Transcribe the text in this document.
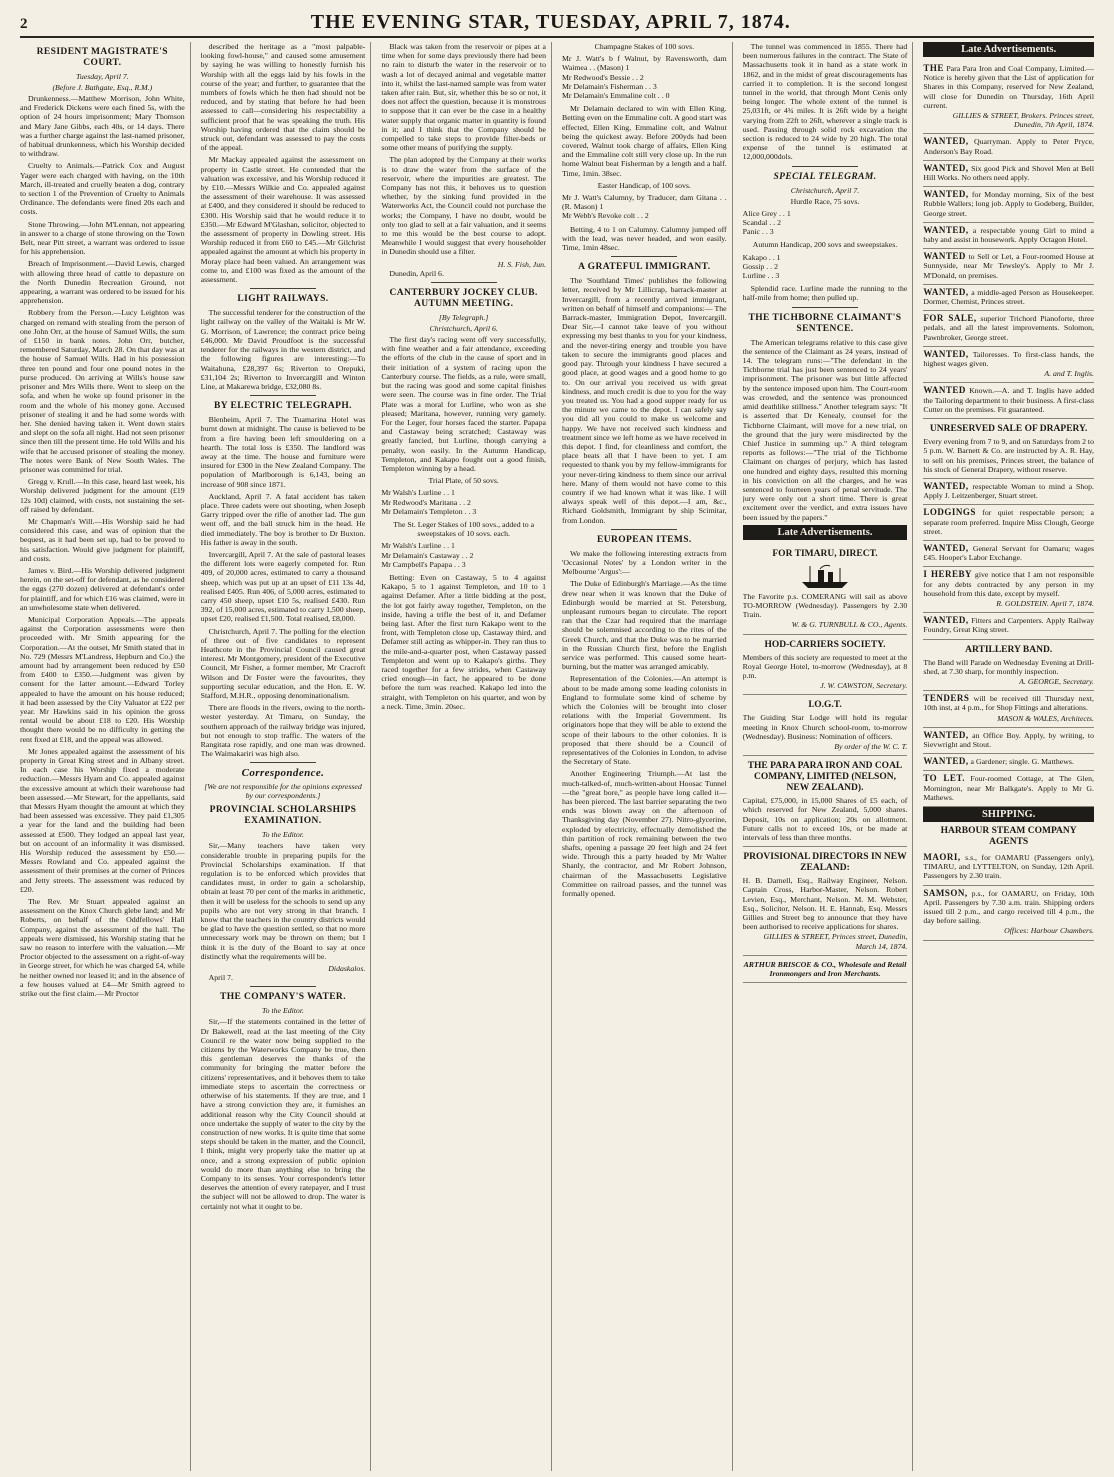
2	THE EVENING STAR, TUESDAY, APRIL 7, 1874.
RESIDENT MAGISTRATE'S COURT.
Tuesday, April 7.
(Before J. Bathgate, Esq., R.M.)
Drunkenness.—Matthew Morrison, John White, and Frederick Dickens were each fined 5s, with the option of 24 hours imprisonment; Mary Thomson and Mary Jane Gibbs, each 40s, or 14 days. There was a further charge against the last-named prisoner, of habitual drunkenness, which his Worship decided to withdraw.
Cruelty to Animals.—Patrick Cox and August Yager were each charged with having, on the 10th March, ill-treated and cruelly beaten a dog, contrary to section 1 of the Prevention of Cruelty to Animals Ordinance. The defendants were fined 20s each and costs.
Stone Throwing.—John M'Lennan, not appearing in answer to a charge of stone throwing on the Town Belt, near Pitt street, a warrant was ordered to issue for his apprehension.
Breach of Imprisonment.—David Lewis, charged with allowing three head of cattle to depasture on the North Dunedin Recreation Ground, not appearing, a warrant was ordered to be issued for his apprehension.
Robbery from the Person.—Lucy Leighton was charged on remand with stealing from the person of one John Orr, at the house of Samuel Wills, the sum of £150 in bank notes. John Orr, butcher, remembered Saturday, March 28. On that day was at the house of Samuel Wills. Had in his possession three ten pound and four one pound notes in the purse produced. On arriving at Wills's house saw prisoner and Mrs Wills there. Went to sleep on the sofa, and when he woke up found prisoner in the room and the whole of his money gone. Accused prisoner of stealing it and he had some words with her. She denied having taken it. Went down stairs and slept on the sofa all night. Had not seen prisoner since then till the present time. He told Wills and his wife that he accused prisoner of stealing the money. The notes were Bank of New South Wales. The prisoner was committed for trial.
Gregg v. Krull.—In this case, heard last week, his Worship delivered judgment for the amount (£19 12s 10d) claimed, with costs, not sustaining the set-off raised by defendant.
Mr Chapman's Will.—His Worship said he had considered this case, and was of opinion that the bequest, as it had been set up, had to be proved to his satisfaction. Would give judgment for plaintiff, and costs.
James v. Bird.—His Worship delivered judgment herein, on the set-off for defendant, as he considered the eggs (270 dozen) delivered at defendant's order for plaintiff, and for which £16 was claimed, were in an unwholesome state when delivered.
Municipal Corporation Appeals.—The appeals against the Corporation assessments were then proceeded with. Mr Smith appearing for the Corporation.—At the outset, Mr Smith stated that in No. 729 (Messrs M'Landress, Hepburn and Co.) the amount had by arrangement been reduced by £50 from £400 to £350.—Judgment was given by consent for the latter amount.—Edward Torley appealed to have the amount on his house reduced; it had been assessed by the City Valuator at £22 per year. Mr Hawkins said in his opinion the gross rental would be about £18 to £20. His Worship thought there would be no difficulty in getting the rent fixed at £18, and the appeal was allowed.
Mr Jones appealed against the assessment of his property in Great King street and in Albany street. In each case his Worship fixed a moderate reduction.—Messrs Hyam and Co. appealed against the excessive amount at which their warehouse had been assessed.—Mr Stewart, for the appellants, said that Messrs Hyam thought the amount at which they had been assessed was excessive. They paid £1,305 a year for the land and the building had been assessed at £500. They lodged an appeal last year, but on account of an informality it was dismissed. His Worship reduced the assessment by £50.—Messrs Rowland and Co. appealed against the assessment of their premises at the corner of Princes and Jetty streets. The assessment was reduced by £20.
The Rev. Mr Stuart appealed against an assessment on the Knox Church glebe land; and Mr Roberts, on behalf of the Oddfellows' Hall Company, against the assessment of the hall. The appeals were dismissed, his Worship stating that he saw no reason to interfere with the valuation.—Mr Proctor objected to the assessment on a right-of-way in George street, for which he was charged £4, while he neither owned nor leased it; and in the absence of a few houses valued at £4—Mr Smith agreed to strike out the first claim.—Mr Proctor
described the heritage as a "most palpable-looking fowl-house," and caused some amusement by saying he was willing to honestly furnish his Worship with all the eggs laid by his fowls in the course of the year; and further, to guarantee that the numbers of fowls which he then had should not be reduced, and by stating that before he had been assessed to call—considering his respectability a sufficient proof that he was speaking the truth. His Worship having ordered that the claim should be struck out, defendant was assessed to pay the costs of the appeal.
Mr Mackay appealed against the assessment on property in Castle street. He contended that the valuation was excessive, and his Worship reduced it by £10.—Messrs Wilkie and Co. appealed against the assessment of their warehouse. It was assessed at £400, and they considered it should be reduced to £300. His Worship said that he would reduce it to £350.—Mr Edward M'Glashan, solicitor, objected to the assessment of property in Dowling street. His Worship reduced it from £60 to £45.—Mr Gilchrist appealed against the amount at which his property in Moray place had been valued. An arrangement was come to, and £100 was fixed as the amount of the assessment.
LIGHT RAILWAYS.
The successful tenderer for the construction of the light railway on the valley of the Waitaki is Mr W. G. Morrison, of Lawrence; the contract price being £46,000. Mr David Proudfoot is the successful tenderer for the railways in the western district, and the following figures are interesting:—To Waitahuna, £28,397 6s; Riverton to Orepuki, £31,104 2s; Riverton to Invercargill and Winton Line, at Makarewa bridge, £32,080 8s.
BY ELECTRIC TELEGRAPH.
Blenheim, April 7. The Tuamarina Hotel was burnt down at midnight. The cause is believed to be from a fire having been left smouldering on a hearth. The total loss is £350. The landlord was away at the time. The house and furniture were insured for £300 in the New Zealand Company. The population of Marlborough is 6,143, being an increase of 908 since 1871.
Auckland, April 7. A fatal accident has taken place. Three cadets were out shooting, when Joseph Garry tripped over the rifle of another lad. The gun went off, and the ball struck him in the head. He died immediately. The boy is brother to Dr Buxton. His father is away in the south.
Invercargill, April 7. At the sale of pastoral leases the different lots were eagerly competed for. Run 409, of 20,000 acres, estimated to carry a thousand sheep, which was put up at an upset of £11 13s 4d, realised £405. Run 406, of 5,000 acres, estimated to carry 450 sheep, upset £10 5s, realised £430. Run 392, of 15,000 acres, estimated to carry 1,500 sheep, upset £20, realised £1,500. Total realised, £8,000.
Christchurch, April 7. The polling for the election of three out of five candidates to represent Heathcote in the Provincial Council caused great interest. Mr Montgomery, president of the Executive Council, Mr Fisher, a former member, Mr Cracroft Wilson and Dr Foster were the favourites, they supporting secular education, and the Hon. E. W. Stafford, M.H.R., opposing denominationalism.
There are floods in the rivers, owing to the north-wester yesterday. At Timaru, on Sunday, the southern approach of the railway bridge was injured, but not enough to stop traffic. The waters of the Rangitata rose rapidly, and one man was drowned. The Waimakariri was high also.
Correspondence.
[We are not responsible for the opinions expressed by our correspondents.]
PROVINCIAL SCHOLARSHIPS EXAMINATION.
To the Editor.
Sir,—Many teachers have taken very considerable trouble in preparing pupils for the Provincial Scholarships examination. If that regulation is to be enforced which provides that candidates must, in order to gain a scholarship, obtain at least 70 per cent of the marks in arithmetic, then it will be useless for the schools to send up any pupils who are not very strong in that branch. I know that the teachers in the country districts would be glad to have the question settled, so that no more unnecessary work may be thrown on them; but I think it is the duty of the Board to say at once distinctly what the requirements will be.
Didaskalos.
April 7.
THE COMPANY'S WATER.
To the Editor.
Sir,—If the statements contained in the letter of Dr Bakewell, read at the last meeting of the City Council re the water now being supplied to the citizens by the Waterworks Company be true, then this gentleman deserves the thanks of the community for bringing the matter before the citizens' representatives, and it behoves them to take immediate steps to ascertain the correctness or otherwise of his statements. If they are true, and I have a strong conviction they are, it furnishes an additional reason why the City Council should at once undertake the supply of water to the city by the construction of new works. It is quite time that some steps should be taken in the matter, and the Council, I think, might very properly take the matter up at once, and a strong expression of public opinion would do more than anything else to bring the Company to its senses. Your correspondent's letter deserves the attention of every ratepayer, and I trust the subject will not be allowed to drop. The water is certainly not what it ought to be.
Black was taken from the reservoir or pipes at a time when for some days previously there had been no rain to disturb the water in the reservoir or to wash a lot of decayed animal and vegetable matter into it, whilst the last-named sample was from water taken after rain. But, sir, whether this be so or not, it does not affect the question, because it is monstrous to suppose that it can ever be the case in a healthy water supply that organic matter in quantity is found in it; and I think that the Company should be compelled to take steps to provide filter-beds or some other means of purifying the supply.
The plan adopted by the Company at their works is to draw the water from the surface of the reservoir, where the impurities are greatest. The Company has not this, it behoves us to question whether, by the sinking fund provided in the Waterworks Act, the Council could not purchase the works; the Company, I have no doubt, would be only too glad to sell at a fair valuation, and it seems to me this would be the best course to adopt. Meanwhile I would suggest that every householder in Dunedin should use a filter.
H. S. Fish, Jun.
Dunedin, April 6.
CANTERBURY JOCKEY CLUB. AUTUMN MEETING.
[By Telegraph.]
Christchurch, April 6.
The first day's racing went off very successfully, with fine weather and a fair attendance, exceeding the efforts of the club in the cause of sport and in their initiation of a system of racing upon the Canterbury course. The fields, as a rule, were small, but the racing was good and some capital finishes were seen. The course was in fine order. The Trial Plate was a moral for Lurline, who won as she pleased; Maritana, however, running very gamely. For the Leger, four horses faced the starter. Papapa and Castaway being scratched; Castaway was greatly fancied, but Lurline, though carrying a penalty, won easily. In the Autumn Handicap, Templeton, and Kakapo fought out a good finish, Templeton winning by a head.
Trial Plate, of 50 sovs.
Mr Walsh's Lurline . . 1
Mr Redwood's Maritana . . 2
Mr Delamain's Templeton . . 3
The St. Leger Stakes of 100 sovs., added to a sweepstakes of 10 sovs. each.
Mr Walsh's Lurline . . 1
Mr Delamain's Castaway . . 2
Mr Campbell's Papapa . . 3
Betting: Even on Castaway, 5 to 4 against Kakapo, 5 to 1 against Templeton, and 10 to 1 against Defamer. After a little bidding at the post, the lot got fairly away together, Templeton, on the inside, having a trifle the best of it, and Defamer being last. After the first turn Kakapo went to the front, with Templeton close up, Castaway third, and Defamer still acting as whipper-in. They ran thus to the mile-and-a-quarter post, when Castaway passed Templeton and went up to Kakapo's girths. They raced together for a few strides, when Castaway cried enough—in fact, he appeared to be done before the turn was reached. Kakapo led into the straight, with Templeton on his quarter, and won by a neck. Time, 3min. 20sec.
Champagne Stakes of 100 sovs.
Mr J. Watt's b f Walnut, by Ravensworth, dam Waimea . . (Mason) 1
Mr Redwood's Bessie . . 2
Mr Delamain's Fisherman . . 3
Mr Delamain's Emmaline colt . . 0
Mr Delamain declared to win with Ellen King. Betting even on the Emmaline colt. A good start was effected, Ellen King, Emmaline colt, and Walnut being the quickest away. Before 200yds had been covered, Walnut took charge of affairs, Ellen King and the Emmaline colt still very close up. In the run home Walnut beat Fisherman by a length and a half. Time, 1min. 38sec.
Easter Handicap, of 100 sovs.
Mr J. Watt's Calumny, by Traducer, dam Gitana . . (R. Mason) 1
Mr Webb's Revoke colt . . 2
Betting, 4 to 1 on Calumny. Calumny jumped off with the lead, was never headed, and won easily. Time, 1min 48sec.
A GRATEFUL IMMIGRANT.
The 'Southland Times' publishes the following letter, received by Mr Lillicrap, barrack-master at Invercargill, from a recently arrived immigrant, written on behalf of himself and companions:— The Barrack-master, Immigration Depot, Invercargill. Dear Sir,—I cannot take leave of you without expressing my best thanks to you for your kindness, and the never-tiring energy and trouble you have taken to secure the immigrants good places and good pay. Through your kindness I have secured a good place, at good wages and a good home to go to. On our arrival you received us with great kindness, and much credit is due to you for the way you treated us. You had a good supper ready for us the minute we came to the depot. I can safely say you did all you could to make us welcome and happy. We have not received such kindness and treatment since we left home as we have received in this depot. I find, for cleanliness and comfort, the place beats all that I have been to yet. I am requested to thank you by my fellow-immigrants for your never-tiring kindness to them since our arrival here. Many of them would not have come to this country if we had known what it was like. I will always speak well of this depot.—I am, &c., Richard Goldsmith, Immigrant by ship Scimitar, from London.
EUROPEAN ITEMS.
We make the following interesting extracts from 'Occasional Notes' by a London writer in the Melbourne 'Argus':—
The Duke of Edinburgh's Marriage.—As the time drew near when it was known that the Duke of Edinburgh would be married at St. Petersburg, unpleasant rumours began to circulate. The report ran that the Czar had required that the marriage should be solemnised according to the rites of the Greek Church, and that the Duke was to be married in the Russian Church first, before the English service was performed. This caused some heart-burning, but the matter was arranged amicably.
Representation of the Colonies.—An attempt is about to be made among some leading colonists in England to formulate some kind of scheme by which the Colonies will be brought into closer relations with the Imperial Government. Its originators hope that they will be able to extend the scope of their labours to the other colonies. It is proposed that there should be a Council of representatives of the Colonies in London, to advise the Secretary of State.
Another Engineering Triumph.—At last the much-talked-of, much-written-about Hoosac Tunnel—the "great bore," as people have long called it—has been pierced. The last barrier separating the two ends was blown away on the afternoon of Thanksgiving day (November 27). Nitro-glycerine, exploded by electricity, effectually demolished the thin partition of rock remaining between the two shafts, opening a passage 20 feet high and 24 feet wide. Through this a party headed by Mr Walter Shanly, the contractor, and Mr Robert Johnson, chairman of the Massachusetts Legislative Committee on railroad passes, and the tunnel was formally opened.
The tunnel was commenced in 1855. There had been numerous failures in the contract. The State of Massachusetts took it in hand as a state work in 1862, and in the midst of great discouragements has carried it to completion. It is the second longest tunnel in the world, that through Mont Cenis only being longer. The whole extent of the tunnel is 25,031ft, or 4¾ miles. It is 26ft wide by a height varying from 22ft to 26ft, wherever a single track is used. Passing through solid rock excavation the section is reduced to 24 wide by 20 high. The total expense of the tunnel is estimated at 12,000,000dols.
SPECIAL TELEGRAM.
Christchurch, April 7.
Hurdle Race, 75 sovs.
Alice Grey . . 1
Scandal . . 2
Panic . . 3
Autumn Handicap, 200 sovs and sweepstakes.
Kakapo . . 1
Gossip . . 2
Lurline . . 3
Splendid race. Lurline made the running to the half-mile from home; then pulled up.
THE TICHBORNE CLAIMANT'S SENTENCE.
The American telegrams relative to this case give the sentence of the Claimant as 24 years, instead of 14. The telegram runs:—"The defendant in the Tichborne trial has just been sentenced to 24 years' imprisonment. The prisoner was but little affected by the sentence imposed upon him. The Court-room was crowded, and the sentence was pronounced amid deathlike stillness." Another telegram says: "It is asserted that Dr Kenealy, counsel for the Tichborne Claimant, will move for a new trial, on the ground that the jury were misdirected by the Chief Justice in summing up." A third telegram reports as follows:—"The trial of the Tichborne Claimant on charges of perjury, which has lasted one hundred and eighty days, resulted this morning in his conviction on all the charges, and he was sentenced to fourteen years of penal servitude. The jury were only out a short time. There is great excitement over the verdict, and extra issues have been issued by the papers."
Late Advertisements.
FOR TIMARU, DIRECT.
The Favorite p.s. COMERANG will sail as above TO-MORROW (Wednesday). Passengers by 2.30 Train.
W. & G. TURNBULL & CO., Agents.
HOD-CARRIERS SOCIETY.
Members of this society are requested to meet at the Royal George Hotel, to-morrow (Wednesday), at 8 p.m.
J. W. CAWSTON, Secretary.
I.O.G.T.
The Guiding Star Lodge will hold its regular meeting in Knox Church school-room, to-morrow (Wednesday). Business: Nomination of officers.
By order of the W. C. T.
THE PARA PARA IRON AND COAL COMPANY, LIMITED (NELSON, NEW ZEALAND).
Capital, £75,000, in 15,000 Shares of £5 each, of which reserved for New Zealand, 5,000 shares. Deposit, 10s on application; 20s on allotment. Future calls not to exceed 10s, or be made at intervals of less than three months.
PROVISIONAL DIRECTORS IN NEW ZEALAND:
H. B. Darnell, Esq., Railway Engineer, Nelson. Captain Cross, Harbor-Master, Nelson. Robert Levien, Esq., Merchant, Nelson. M. M. Webster, Esq., Solicitor, Nelson. H. E. Hannah, Esq. Messrs Gillies and Street beg to announce that they have been authorised to receive applications for shares.
GILLIES & STREET, Princes street, Dunedin, March 14, 1874.
ARTHUR BRISCOE & CO., Wholesale and Retail Ironmongers and Iron Merchants.
Late Advertisements.
THE Para Para Iron and Coal Company, Limited.—Notice is hereby given that the List of application for Shares in this Company, reserved for New Zealand, will close for Dunedin on Thursday, 16th April current.
GILLIES & STREET, Brokers. Princes street, Dunedin, 7th April, 1874.
WANTED, Quarryman. Apply to Peter Pryce, Anderson's Bay Road.
WANTED, Six good Pick and Shovel Men at Bell Hill Works. No others need apply.
WANTED, for Monday morning, Six of the best Rubble Wallers; long job. Apply to Godeberg, Builder, George street.
WANTED, a respectable young Girl to mind a baby and assist in housework. Apply Octagon Hotel.
WANTED to Sell or Let, a Four-roomed House at Sunnyside, near Mr Tewsley's. Apply to Mr J. M'Donald, on premises.
WANTED, a middle-aged Person as Housekeeper. Dormer, Chemist, Princes street.
FOR SALE, superior Trichord Pianoforte, three pedals, and all the latest improvements. Solomon, Pawnbroker, George street.
WANTED, Tailoresses. To first-class hands, the highest wages given.
A. and T. Inglis.
WANTED Known.—A. and T. Inglis have added the Tailoring department to their business. A first-class Cutter on the premises. Fit guaranteed.
UNRESERVED SALE OF DRAPERY.
Every evening from 7 to 9, and on Saturdays from 2 to 5 p.m. W. Barnett & Co. are instructed by A. R. Hay, to sell on his premises, Princes street, the balance of his stock of General Drapery, without reserve.
WANTED, respectable Woman to mind a Shop. Apply J. Leitzenberger, Stuart street.
LODGINGS for quiet respectable person; a separate room preferred. Inquire Miss Clough, George street.
WANTED, General Servant for Oamaru; wages £45. Hooper's Labor Exchange.
I HEREBY give notice that I am not responsible for any debts contracted by any person in my household from this date, except by myself.
R. GOLDSTEIN. April 7, 1874.
WANTED, Fitters and Carpenters. Apply Railway Foundry, Great King street.
ARTILLERY BAND.
The Band will Parade on Wednesday Evening at Drill-shed, at 7.30 sharp, for monthly inspection.
A. GEORGE, Secretary.
TENDERS will be received till Thursday next, 10th inst, at 4 p.m., for Shop Fittings and alterations.
MASON & WALES, Architects.
WANTED, an Office Boy. Apply, by writing, to Sievwright and Stout.
WANTED, a Gardener; single. G. Matthews.
TO LET. Four-roomed Cottage, at The Glen, Mornington, near Mr Balkgate's. Apply to Mr G. Mathews.
SHIPPING.
HARBOUR STEAM COMPANY AGENTS
MAORI, s.s., for OAMARU (Passengers only), TIMARU, and LYTTELTON, on Sunday, 12th April. Passengers by 2.30 train.
SAMSON, p.s., for OAMARU, on Friday, 10th April. Passengers by 7.30 a.m. train. Shipping orders issued till 2 p.m., and cargo received till 4 p.m., the day before sailing.
Offices: Harbour Chambers.
